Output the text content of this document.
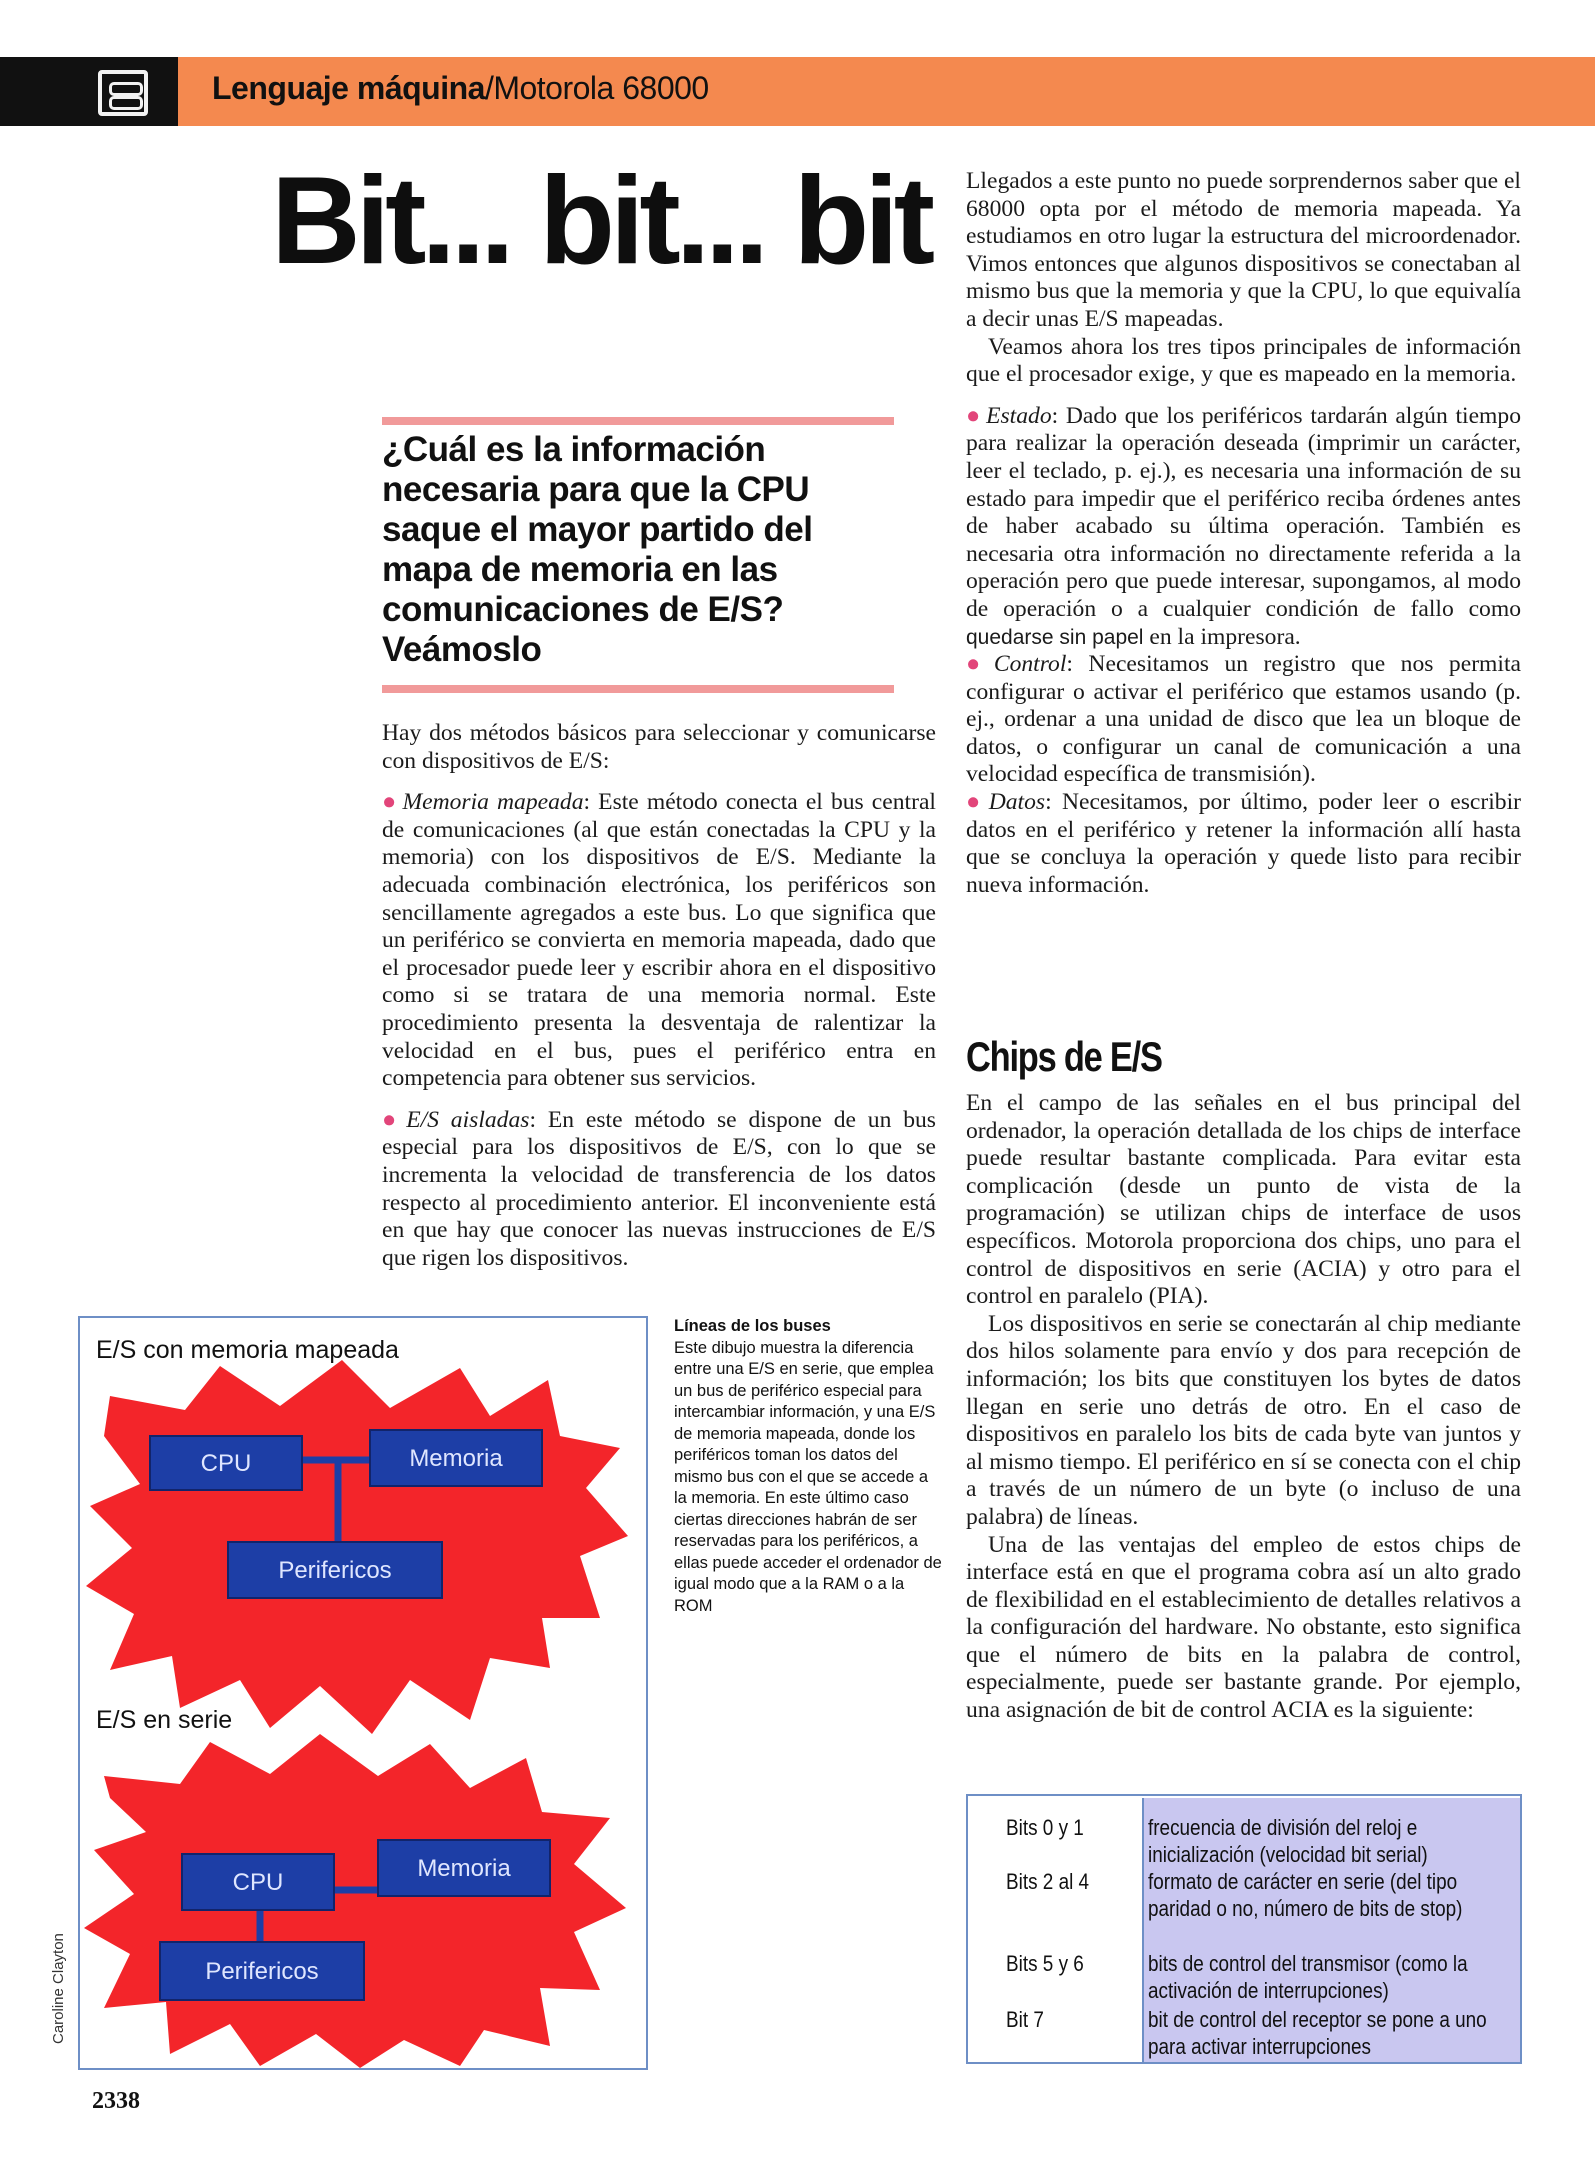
Lenguaje máquina/Motorola 68000
Bit... bit... bit
¿Cuál es la información necesaria para que la CPU saque el mayor partido del mapa de memoria en las comunicaciones de E/S? Veámoslo

Hay dos métodos básicos para seleccionar y comunicarse con dispositivos de E/S:

● Memoria mapeada: Este método conecta el bus central de comunicaciones (al que están conectadas la CPU y la memoria) con los dispositivos de E/S. Mediante la adecuada combinación electrónica, los periféricos son sencillamente agregados a este bus. Lo que significa que un periférico se convierta en memoria mapeada, dado que el procesador puede leer y escribir ahora en el dispositivo como si se tratara de una memoria normal. Este procedimiento presenta la desventaja de ralentizar la velocidad en el bus, pues el periférico entra en competencia para obtener sus servicios.

● E/S aisladas: En este método se dispone de un bus especial para los dispositivos de E/S, con lo que se incrementa la velocidad de transferencia de los datos respecto al procedimiento anterior. El inconveniente está en que hay que conocer las nuevas instrucciones de E/S que rigen los dispositivos.

Llegados a este punto no puede sorprendernos saber que el 68000 opta por el método de memoria mapeada. Ya estudiamos en otro lugar la estructura del microordenador. Vimos entonces que algunos dispositivos se conectaban al mismo bus que la memoria y que la CPU, lo que equivalía a decir unas E/S mapeadas.

Veamos ahora los tres tipos principales de información que el procesador exige, y que es mapeado en la memoria.

● Estado: Dado que los periféricos tardarán algún tiempo para realizar la operación deseada (imprimir un carácter, leer el teclado, p. ej.), es necesaria una información de su estado para impedir que el periférico reciba órdenes antes de haber acabado su última operación. También es necesaria otra información no directamente referida a la operación pero que puede interesar, supongamos, al modo de operación o a cualquier condición de fallo como quedarse sin papel en la impresora.

● Control: Necesitamos un registro que nos permita configurar o activar el periférico que estamos usando (p. ej., ordenar a una unidad de disco que lea un bloque de datos, o configurar un canal de comunicación a una velocidad específica de transmisión).

● Datos: Necesitamos, por último, poder leer o escribir datos en el periférico y retener la información allí hasta que se concluya la operación y quede listo para recibir nueva información.

Chips de E/S

En el campo de las señales en el bus principal del ordenador, la operación detallada de los chips de interface puede resultar bastante complicada. Para evitar esta complicación (desde un punto de vista de la programación) se utilizan chips de interface de usos específicos. Motorola proporciona dos chips, uno para el control de dispositivos en serie (ACIA) y otro para el control en paralelo (PIA).

Los dispositivos en serie se conectarán al chip mediante dos hilos solamente para envío y dos para recepción de información; los bits que constituyen los bytes de datos llegan en serie uno detrás de otro. En el caso de dispositivos en paralelo los bits de cada byte van juntos y al mismo tiempo. El periférico en sí se conecta con el chip a través de un número de un byte (o incluso de una palabra) de líneas.

Una de las ventajas del empleo de estos chips de interface está en que el programa cobra así un alto grado de flexibilidad en el establecimiento de detalles relativos a la configuración del hardware. No obstante, esto significa que el número de bits en la palabra de control, especialmente, puede ser bastante grande. Por ejemplo, una asignación de bit de control ACIA es la siguiente:

E/S con memoria mapeada
E/S en serie
CPU	Memoria
Perifericos
CPU
Memoria
Perifericos
Líneas de los buses
Este dibujo muestra la diferencia entre una E/S en serie, que emplea un bus de periférico especial para intercambiar información, y una E/S de memoria mapeada, donde los periféricos toman los datos del mismo bus con el que se accede a la memoria. En este último caso ciertas direcciones habrán de ser reservadas para los periféricos, a ellas puede acceder el ordenador de igual modo que a la RAM o a la ROM
Caroline Clayton
Bits 0 y 1	frecuencia de división del reloj e inicialización (velocidad bit serial)
Bits 2 al 4	formato de carácter en serie (del tipo paridad o no, número de bits de stop)
Bits 5 y 6	bits de control del transmisor (como la activación de interrupciones)
Bit 7	bit de control del receptor se pone a uno para activar interrupciones
2338
